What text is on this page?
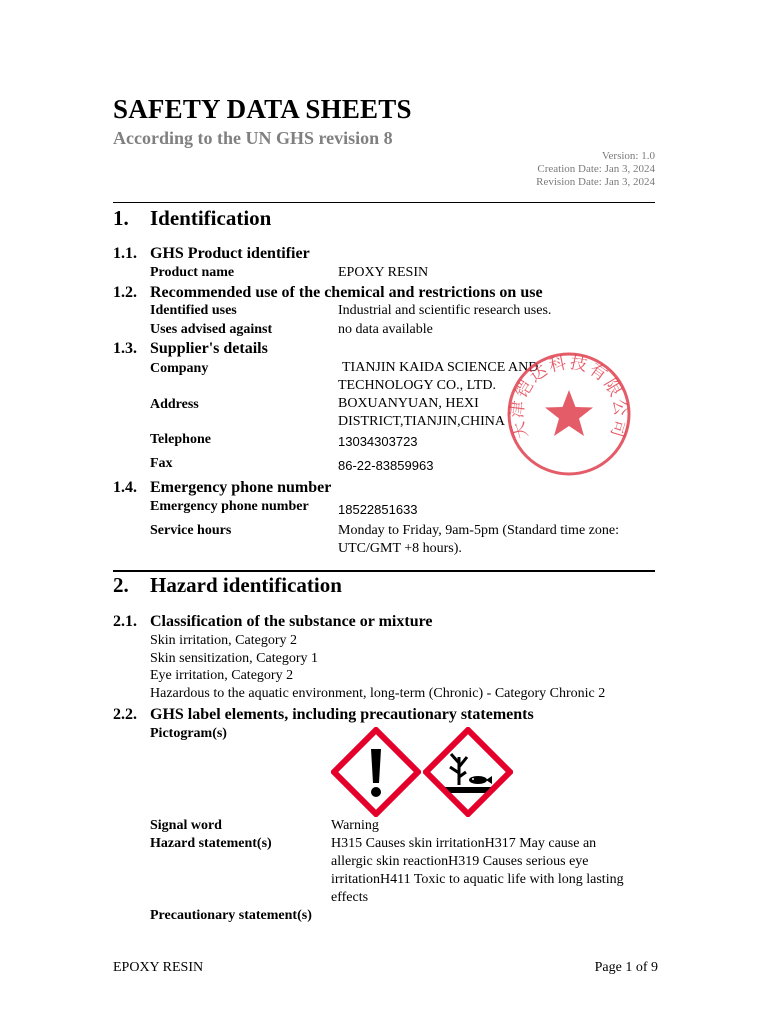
SAFETY DATA SHEETS
According to the UN GHS revision 8
Version: 1.0
Creation Date: Jan 3, 2024
Revision Date: Jan 3, 2024
1. Identification
1.1. GHS Product identifier
Product name	EPOXY RESIN
1.2. Recommended use of the chemical and restrictions on use
Identified uses	Industrial and scientific research uses.
Uses advised against	no data available
1.3. Supplier's details
Company	TIANJIN KAIDA SCIENCE AND
TECHNOLOGY CO., LTD.
Address	BOXUANYUAN, HEXI
DISTRICT,TIANJIN,CHINA
Telephone	13034303723
Fax	86-22-83859963
1.4. Emergency phone number
Emergency phone number 18522851633
Service hours	Monday to Friday, 9am-5pm (Standard time zone:
UTC/GMT +8 hours).
天津铠达科技有限公司
2. Hazard identification
2.1. Classification of the substance or mixture
Skin irritation, Category 2
Skin sensitization, Category 1
Eye irritation, Category 2
Hazardous to the aquatic environment, long-term (Chronic) - Category Chronic 2
2.2. GHS label elements, including precautionary statements
Pictogram(s)
Signal word	Warning
Hazard statement(s)	H315 Causes skin irritationH317 May cause an
allergic skin reactionH319 Causes serious eye
irritationH411 Toxic to aquatic life with long lasting
effects
Precautionary statement(s)
EPOXY RESIN	Page 1 of 9
